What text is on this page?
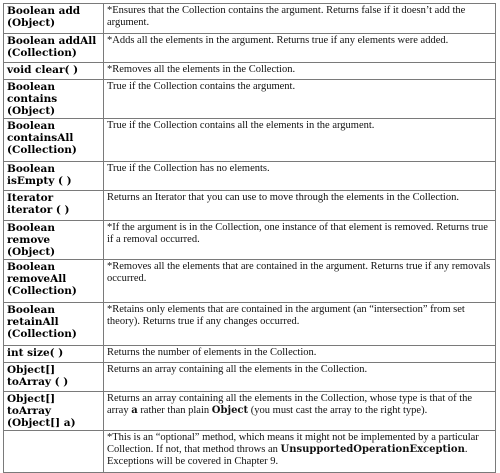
Boolean add (Object)	*Ensures that the Collection contains the argument. Returns false if it doesn’t add the argument.
Boolean addAll (Collection)	*Adds all the elements in the argument. Returns true if any elements were added.
void clear( )	*Removes all the elements in the Collection.
Boolean contains (Object)	True if the Collection contains the argument.
Boolean containsAll (Collection)	True if the Collection contains all the elements in the argument.
Boolean isEmpty ( )	True if the Collection has no elements.
Iterator iterator ( )	Returns an Iterator that you can use to move through the elements in the Collection.
Boolean remove (Object)	*If the argument is in the Collection, one instance of that element is removed. Returns true if a removal occurred.
Boolean removeAll (Collection)	*Removes all the elements that are contained in the argument. Returns true if any removals occurred.
Boolean retainAll (Collection)	*Retains only elements that are contained in the argument (an “intersection” from set theory). Returns true if any changes occurred.
int size( )	Returns the number of elements in the Collection.
Object[] toArray ( )	Returns an array containing all the elements in the Collection.
Object[] toArray (Object[] a)	Returns an array containing all the elements in the Collection, whose type is that of the array a rather than plain Object (you must cast the array to the right type).
	*This is an “optional” method, which means it might not be implemented by a particular Collection. If not, that method throws an UnsupportedOperationException. Exceptions will be covered in Chapter 9.
